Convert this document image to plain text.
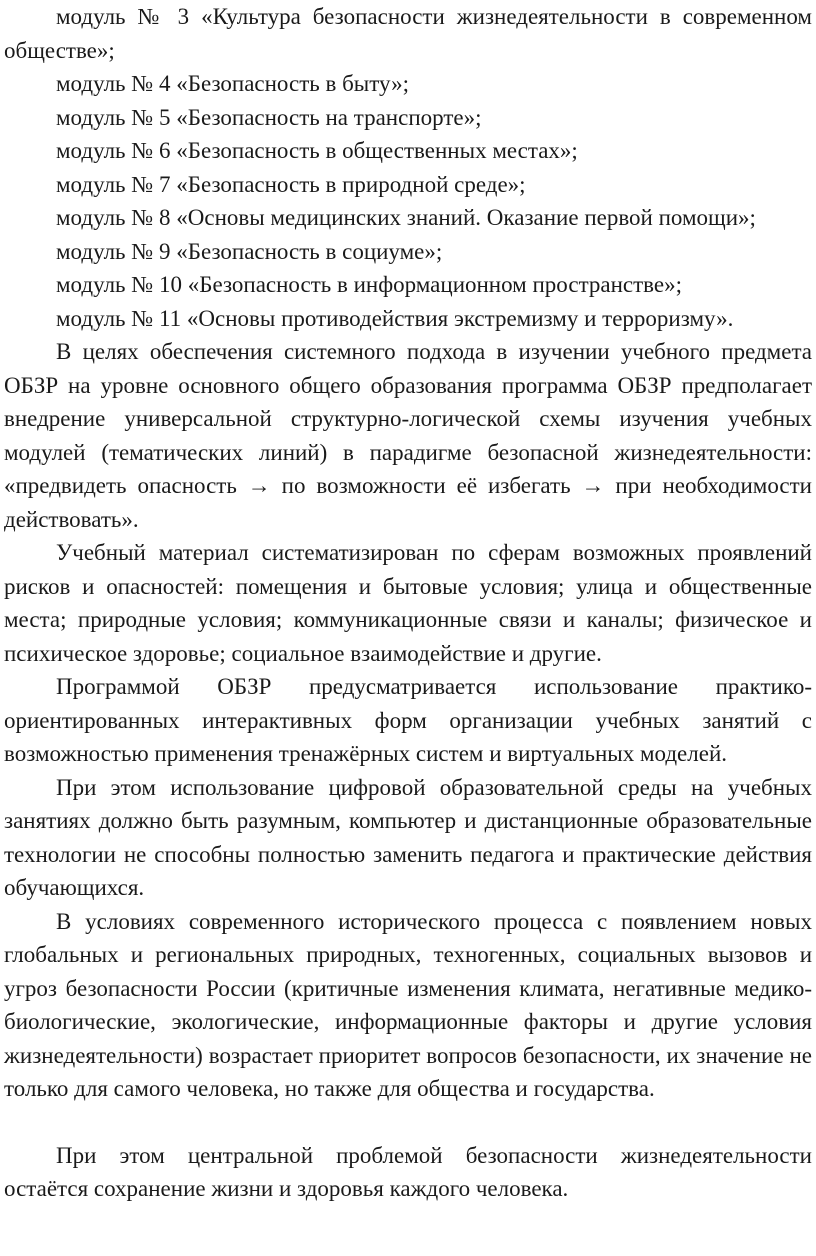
модуль № 3 «Культура безопасности жизнедеятельности в современном обществе»;

модуль № 4 «Безопасность в быту»;

модуль № 5 «Безопасность на транспорте»;

модуль № 6 «Безопасность в общественных местах»;

модуль № 7 «Безопасность в природной среде»;

модуль № 8 «Основы медицинских знаний. Оказание первой помощи»;

модуль № 9 «Безопасность в социуме»;

модуль № 10 «Безопасность в информационном пространстве»;

модуль № 11 «Основы противодействия экстремизму и терроризму».

В целях обеспечения системного подхода в изучении учебного предмета ОБЗР на уровне основного общего образования программа ОБЗР предполагает внедрение универсальной структурно-логической схемы изучения учебных модулей (тематических линий) в парадигме безопасной жизнедеятельности: «предвидеть опасность → по возможности её избегать → при необходимости действовать».

Учебный материал систематизирован по сферам возможных проявлений рисков и опасностей: помещения и бытовые условия; улица и общественные места; природные условия; коммуникационные связи и каналы; физическое и психическое здоровье; социальное взаимодействие и другие.

Программой ОБЗР предусматривается использование практико-ориентированных интерактивных форм организации учебных занятий с возможностью применения тренажёрных систем и виртуальных моделей.

При этом использование цифровой образовательной среды на учебных занятиях должно быть разумным, компьютер и дистанционные образовательные технологии не способны полностью заменить педагога и практические действия обучающихся.

В условиях современного исторического процесса с появлением новых глобальных и региональных природных, техногенных, социальных вызовов и угроз безопасности России (критичные изменения климата, негативные медико-биологические, экологические, информационные факторы и другие условия жизнедеятельности) возрастает приоритет вопросов безопасности, их значение не только для самого человека, но также для общества и государства.

При этом центральной проблемой безопасности жизнедеятельности остаётся сохранение жизни и здоровья каждого человека.
